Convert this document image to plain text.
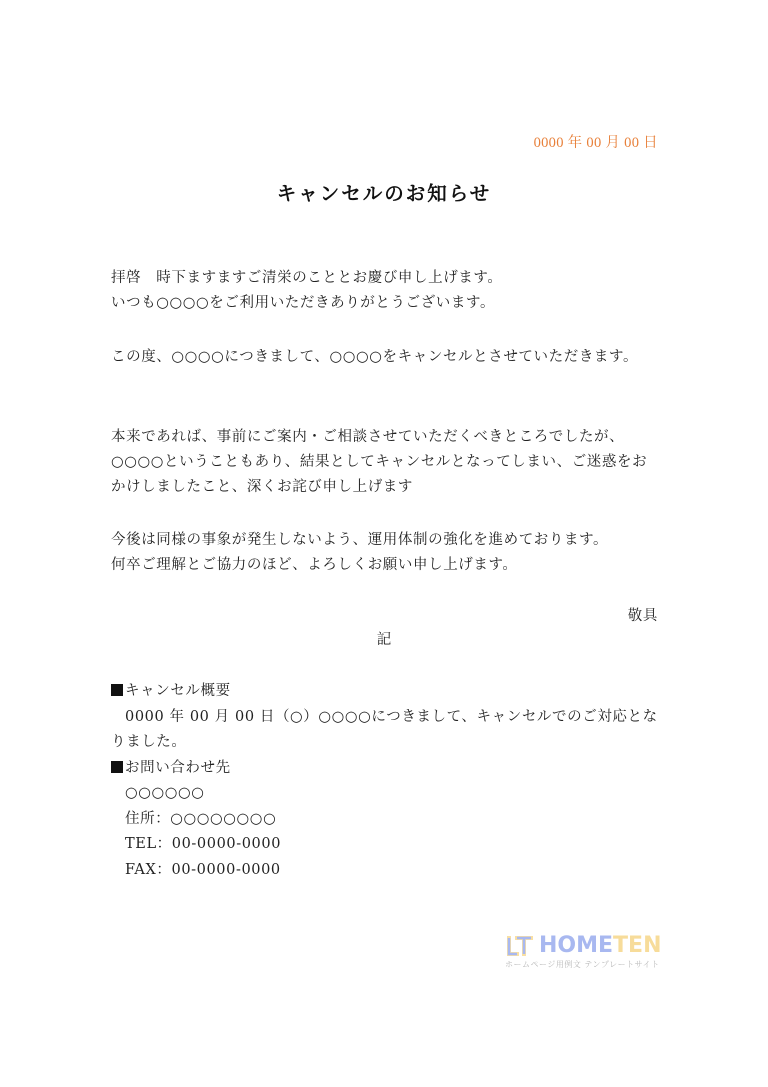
0000 年 00 月 00 日
キャンセルのお知らせ

拝啓　時下ますますご清栄のこととお慶び申し上げます。

いつも○○○○をご利用いただきありがとうございます。

この度、○○○○につきまして、○○○○をキャンセルとさせていただきます。

本来であれば、事前にご案内・ご相談させていただくべきところでしたが、○○○○ということもあり、結果としてキャンセルとなってしまい、ご迷惑をおかけしましたこと、深くお詫び申し上げます

今後は同様の事象が発生しないよう、運用体制の強化を進めております。

何卒ご理解とご協力のほど、よろしくお願い申し上げます。

敬具
記

キャンセル概要

0000 年 00 月 00 日（○）○○○○につきまして、キャンセルでのご対応となりました。

お問い合わせ先

○○○○○○

住所：○○○○○○○○

TEL：00-0000-0000

FAX：00-0000-0000

HOMETEN
ホームページ用例文 テンプレートサイト
